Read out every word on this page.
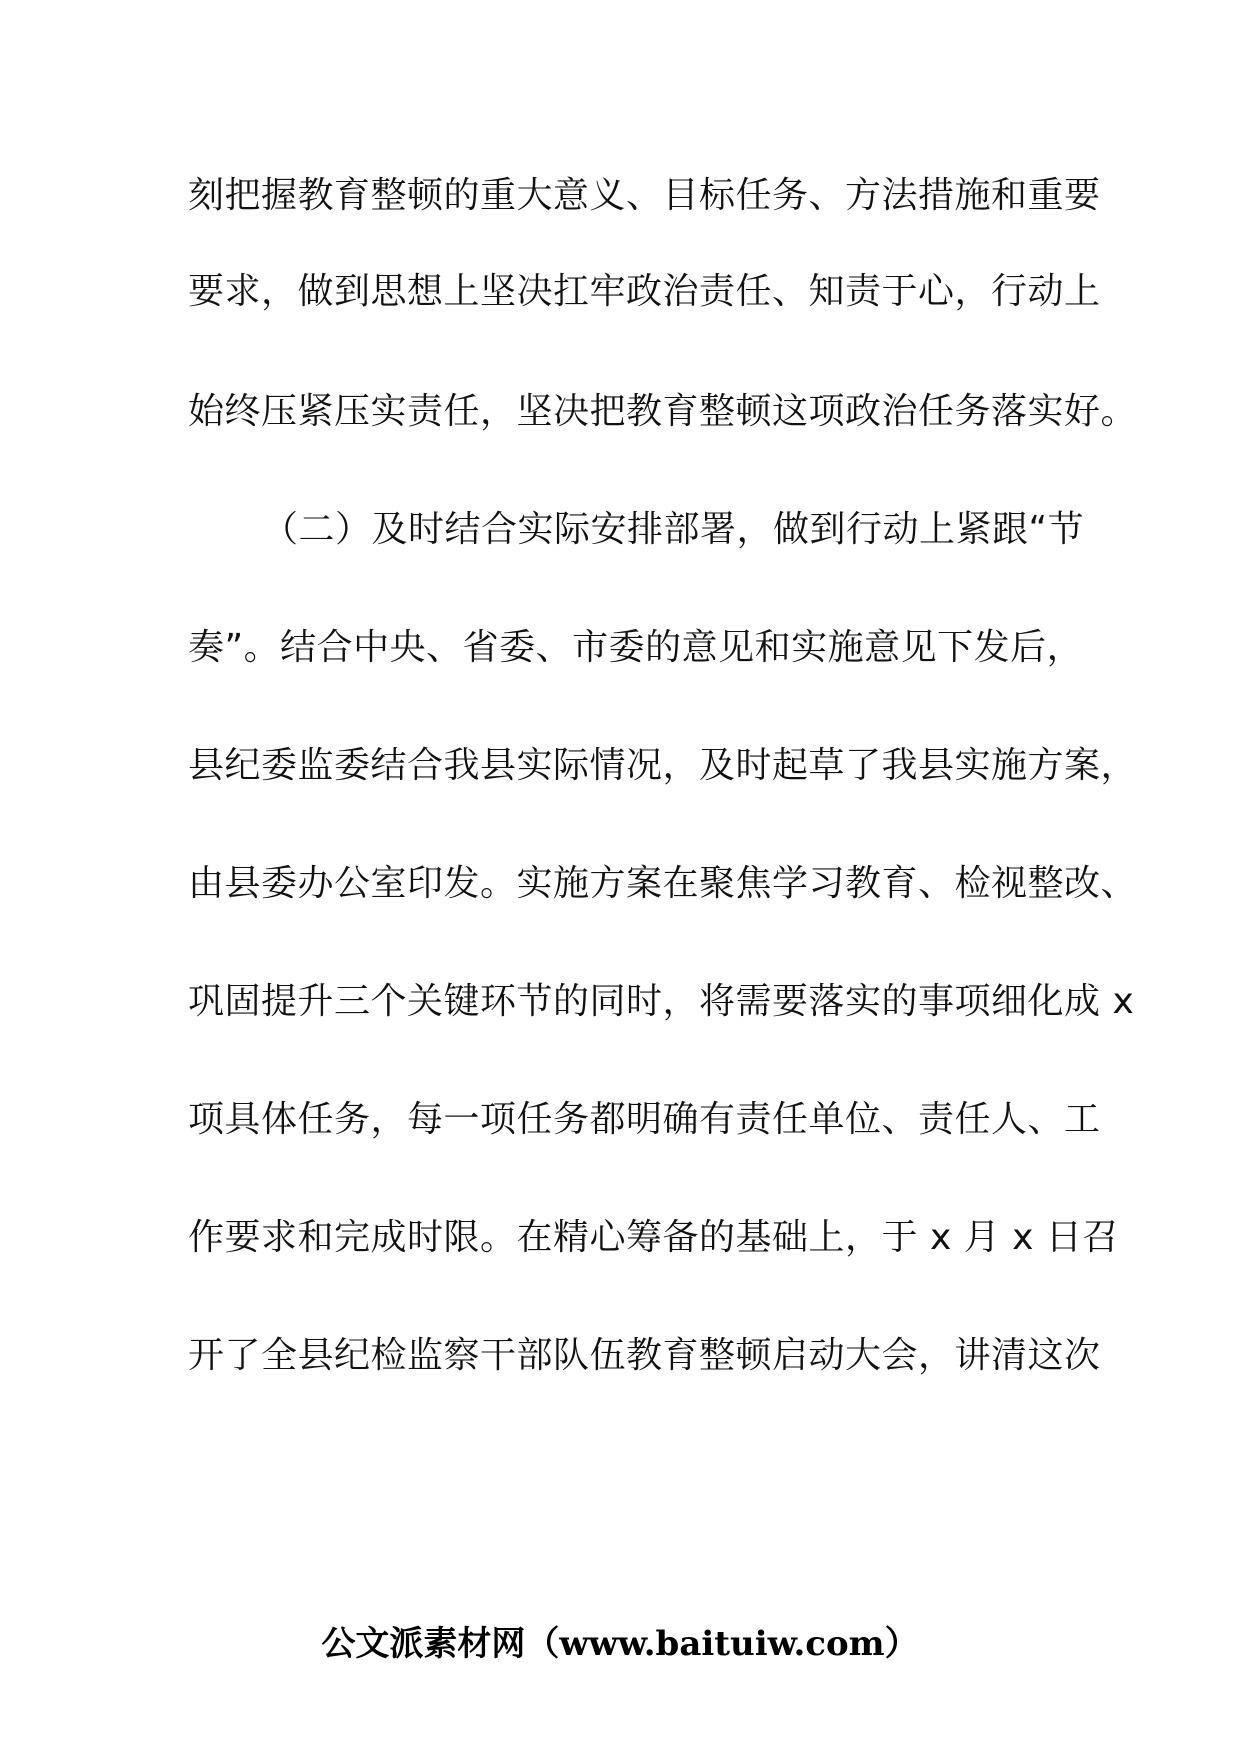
刻把握教育整顿的重大意义、目标任务、方法措施和重要
要求，做到思想上坚决扛牢政治责任、知责于心，行动上
始终压紧压实责任，坚决把教育整顿这项政治任务落实好。
（二）及时结合实际安排部署，做到行动上紧跟“节
奏”。结合中央、省委、市委的意见和实施意见下发后，
县纪委监委结合我县实际情况，及时起草了我县实施方案，
由县委办公室印发。实施方案在聚焦学习教育、检视整改、
巩固提升三个关键环节的同时，将需要落实的事项细化成 x
项具体任务，每一项任务都明确有责任单位、责任人、工
作要求和完成时限。在精心筹备的基础上，于 x 月 x 日召
开了全县纪检监察干部队伍教育整顿启动大会，讲清这次
公文派素材网（www.baituiw.com）
